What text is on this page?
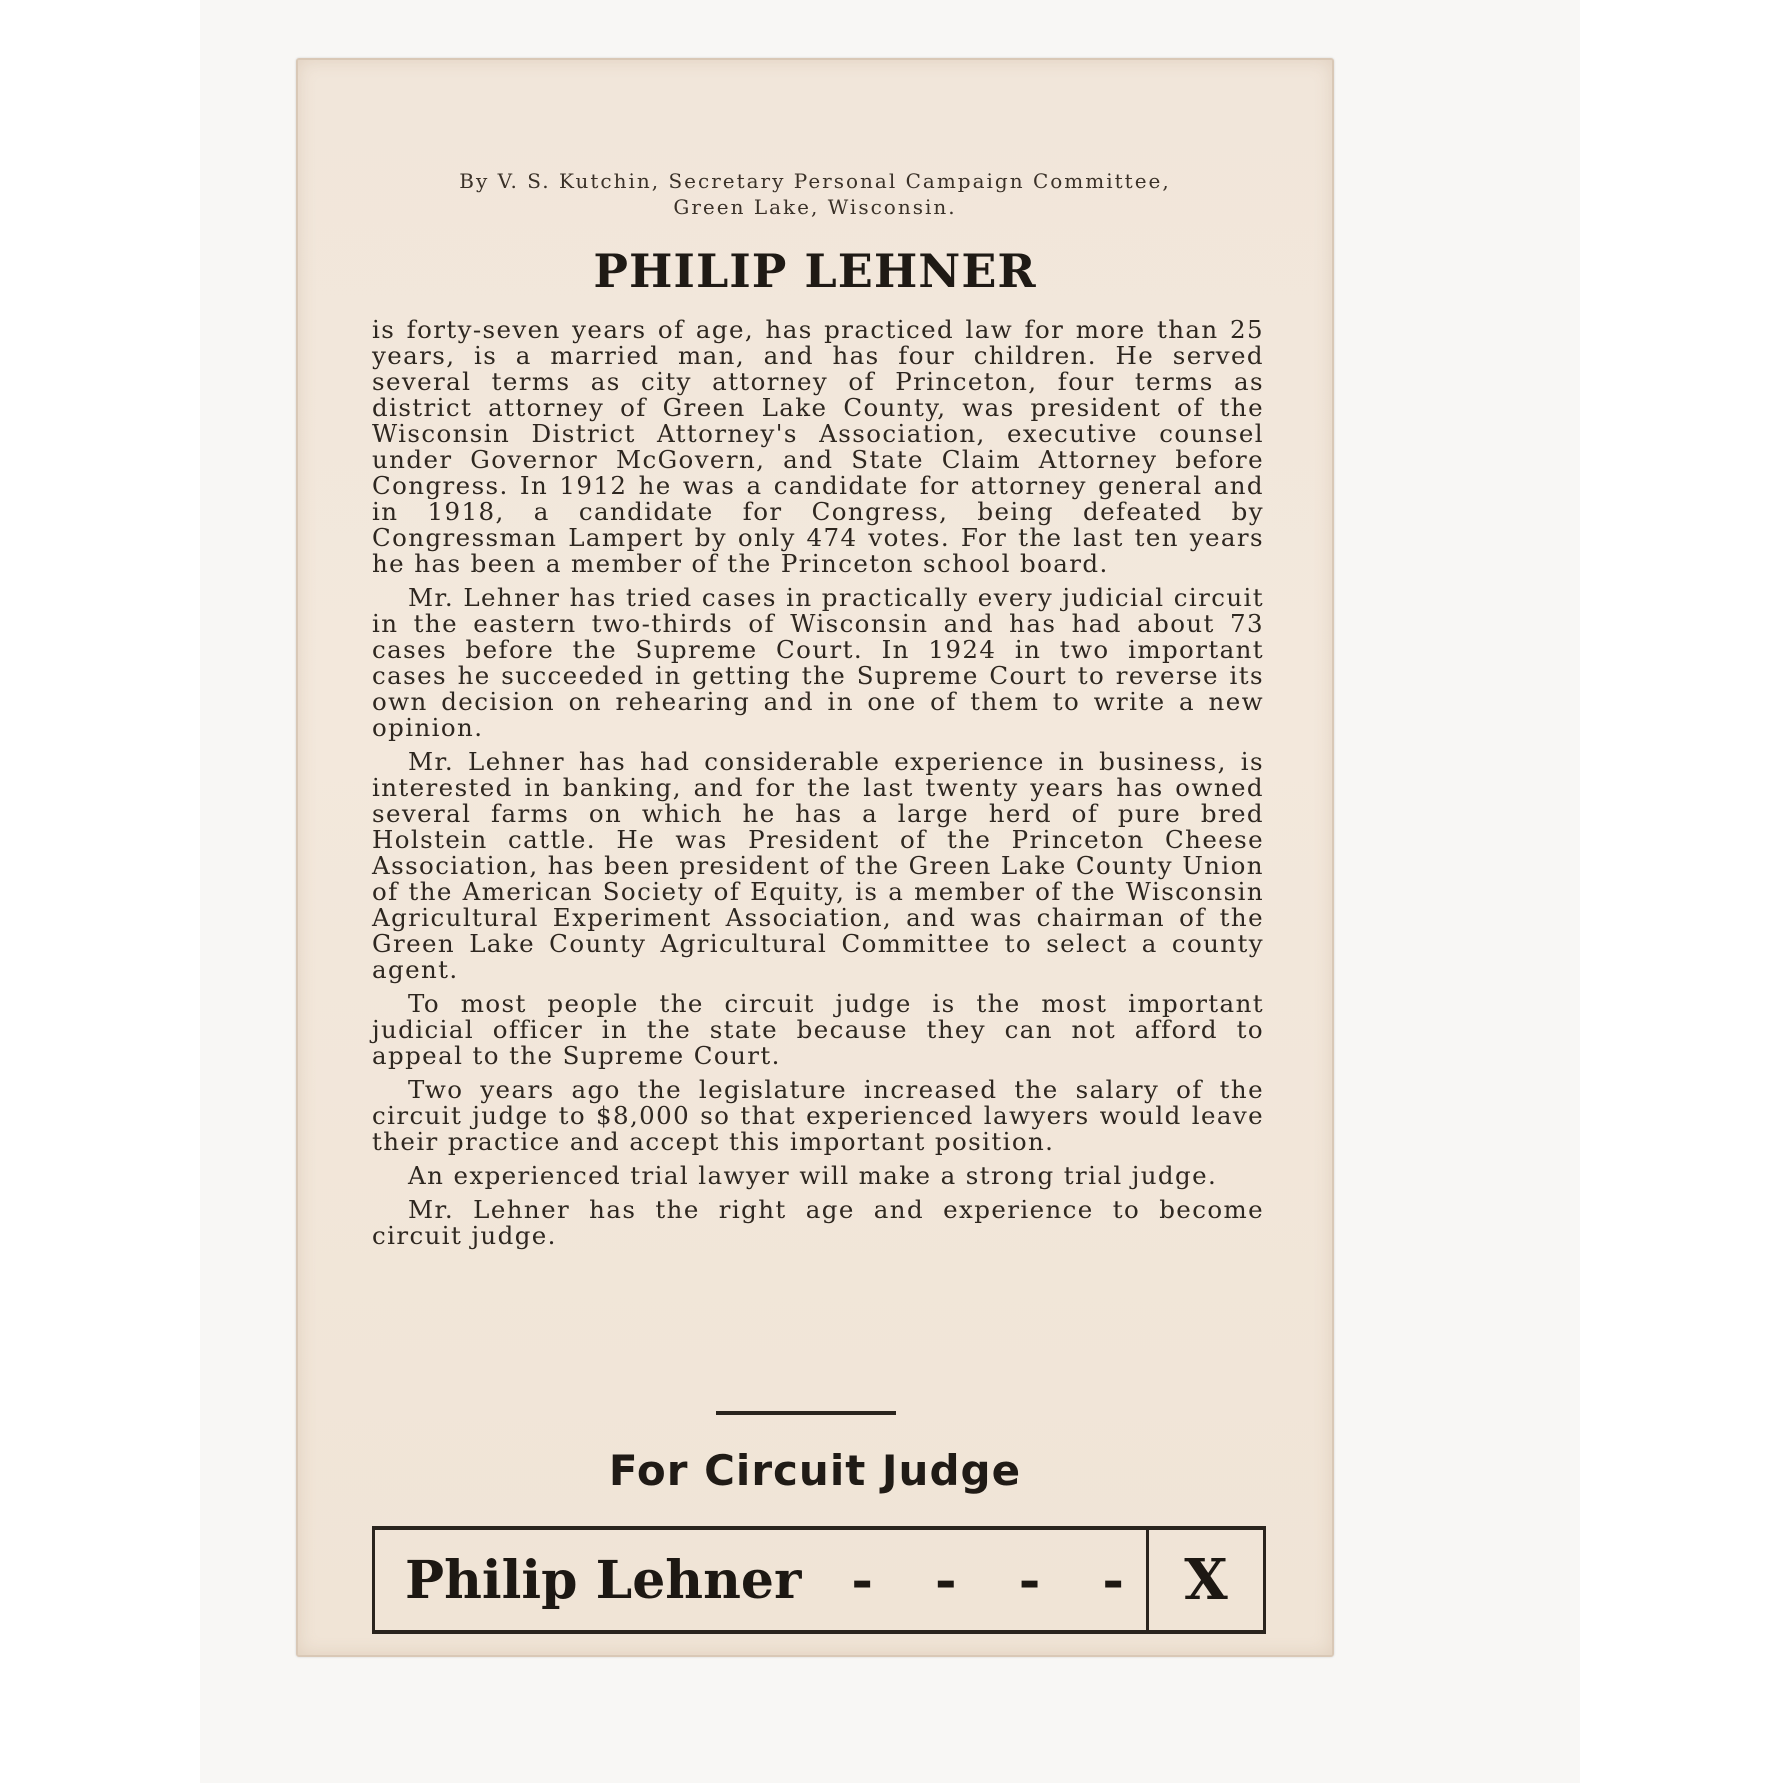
By V. S. Kutchin, Secretary Personal Campaign Committee,
Green Lake, Wisconsin.
PHILIP LEHNER

is forty-seven years of age, has practiced law for more than 25 years, is a married man, and has four children. He served several terms as city attorney of Princeton, four terms as district attorney of Green Lake County, was president of the Wisconsin District Attorney's Association, executive counsel under Governor McGovern, and State Claim Attorney before Congress. In 1912 he was a candidate for attorney general and in 1918, a candidate for Congress, being defeated by Congressman Lampert by only 474 votes. For the last ten years he has been a member of the Princeton school board.

Mr. Lehner has tried cases in practically every judicial circuit in the eastern two-thirds of Wisconsin and has had about 73 cases before the Supreme Court. In 1924 in two important cases he succeeded in getting the Supreme Court to reverse its own decision on rehearing and in one of them to write a new opinion.

Mr. Lehner has had considerable experience in business, is interested in banking, and for the last twenty years has owned several farms on which he has a large herd of pure bred Holstein cattle. He was President of the Princeton Cheese Association, has been president of the Green Lake County Union of the American Society of Equity, is a member of the Wisconsin Agricultural Experiment Association, and was chairman of the Green Lake County Agricultural Committee to select a county agent.

To most people the circuit judge is the most important judicial officer in the state because they can not afford to appeal to the Supreme Court.

Two years ago the legislature increased the salary of the circuit judge to $8,000 so that experienced lawyers would leave their practice and accept this important position.

An experienced trial lawyer will make a strong trial judge.

Mr. Lehner has the right age and experience to become circuit judge.

For Circuit Judge
Philip Lehner - - - - X
